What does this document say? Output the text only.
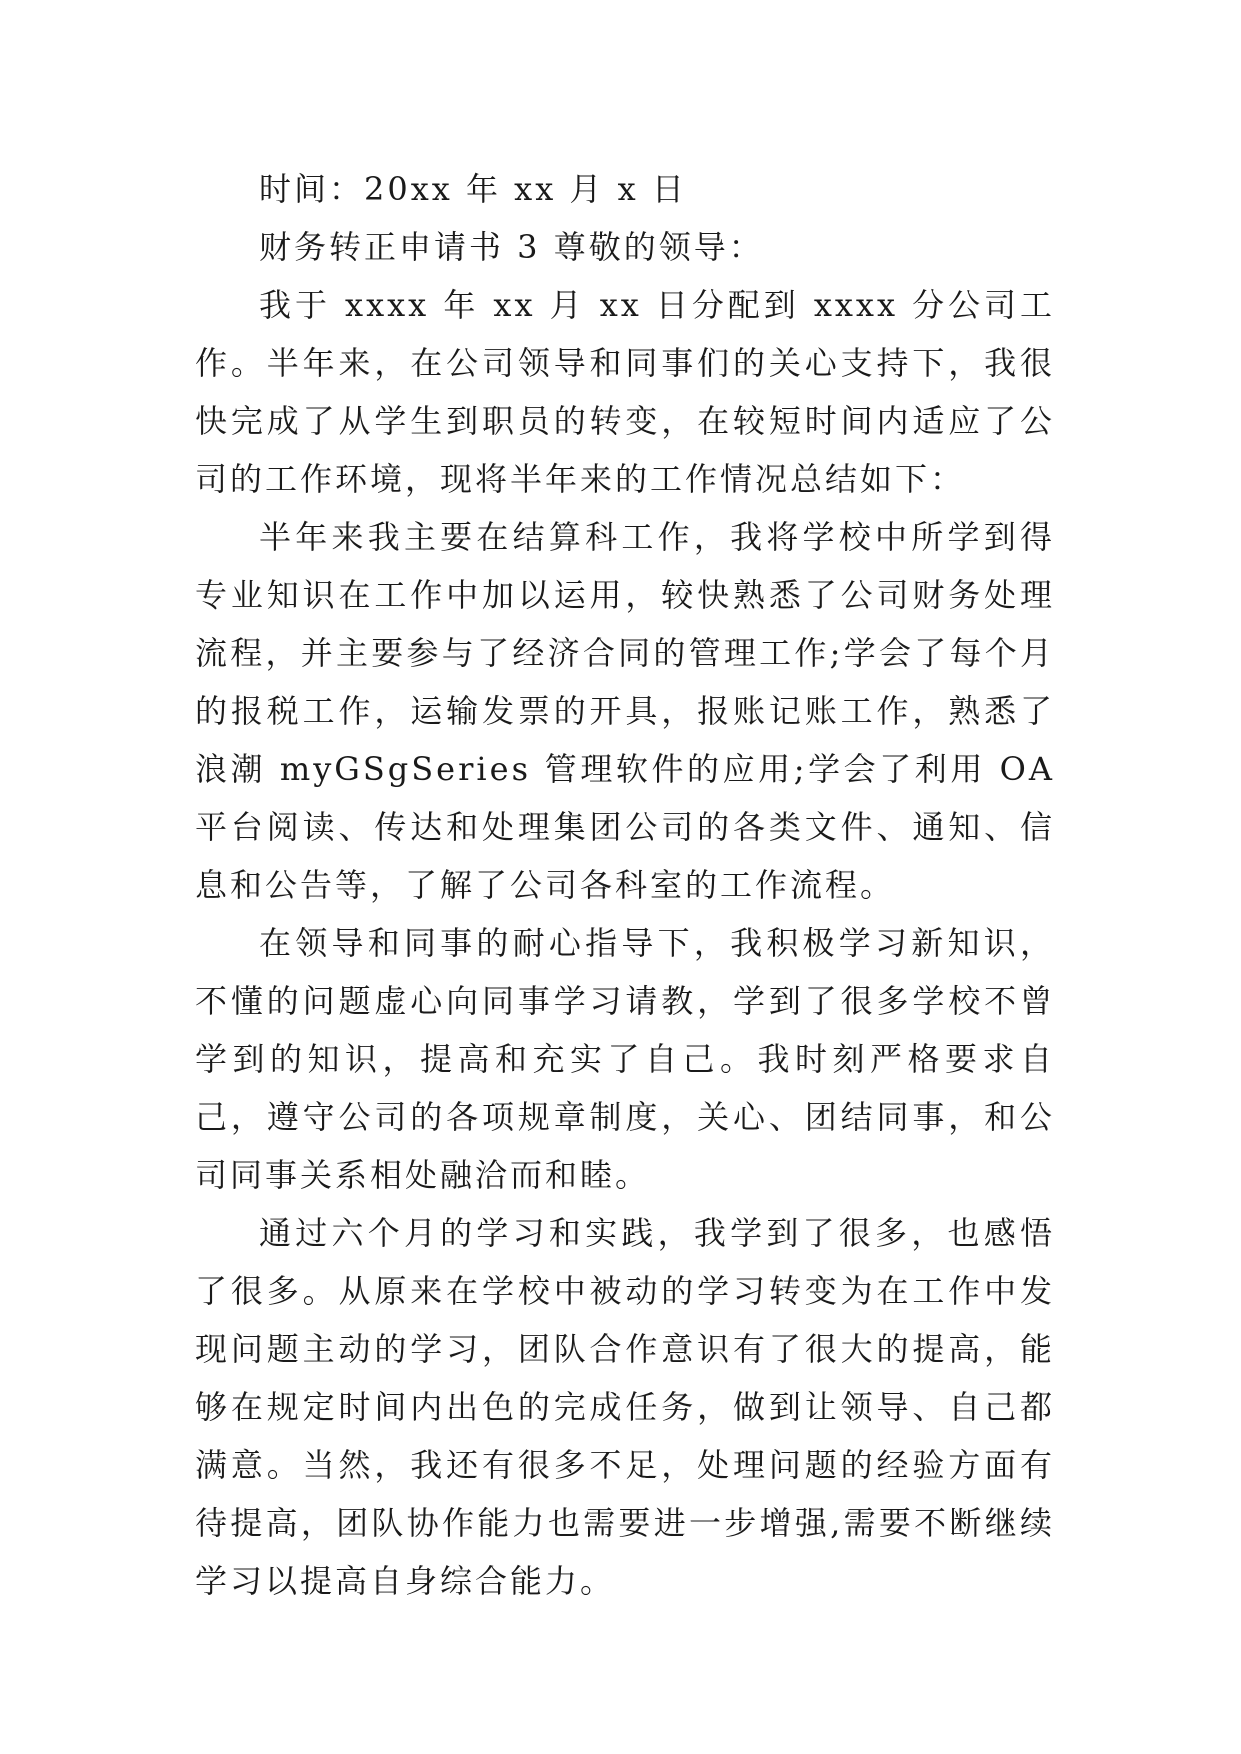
时间：20xx 年 xx 月 x 日

财务转正申请书 3 尊敬的领导：

我于 xxxx 年 xx 月 xx 日分配到 xxxx 分公司工作。半年来，在公司领导和同事们的关心支持下，我很快完成了从学生到职员的转变，在较短时间内适应了公司的工作环境，现将半年来的工作情况总结如下：

半年来我主要在结算科工作，我将学校中所学到得专业知识在工作中加以运用，较快熟悉了公司财务处理流程，并主要参与了经济合同的管理工作;学会了每个月的报税工作，运输发票的开具，报账记账工作，熟悉了浪潮 myGSgSeries 管理软件的应用;学会了利用 OA 平台阅读、传达和处理集团公司的各类文件、通知、信息和公告等，了解了公司各科室的工作流程。

在领导和同事的耐心指导下，我积极学习新知识，不懂的问题虚心向同事学习请教，学到了很多学校不曾学到的知识，提高和充实了自己。我时刻严格要求自己，遵守公司的各项规章制度，关心、团结同事，和公司同事关系相处融洽而和睦。

通过六个月的学习和实践，我学到了很多，也感悟了很多。从原来在学校中被动的学习转变为在工作中发现问题主动的学习，团队合作意识有了很大的提高，能够在规定时间内出色的完成任务，做到让领导、自己都满意。当然，我还有很多不足，处理问题的经验方面有待提高，团队协作能力也需要进一步增强,需要不断继续学习以提高自身综合能力。
